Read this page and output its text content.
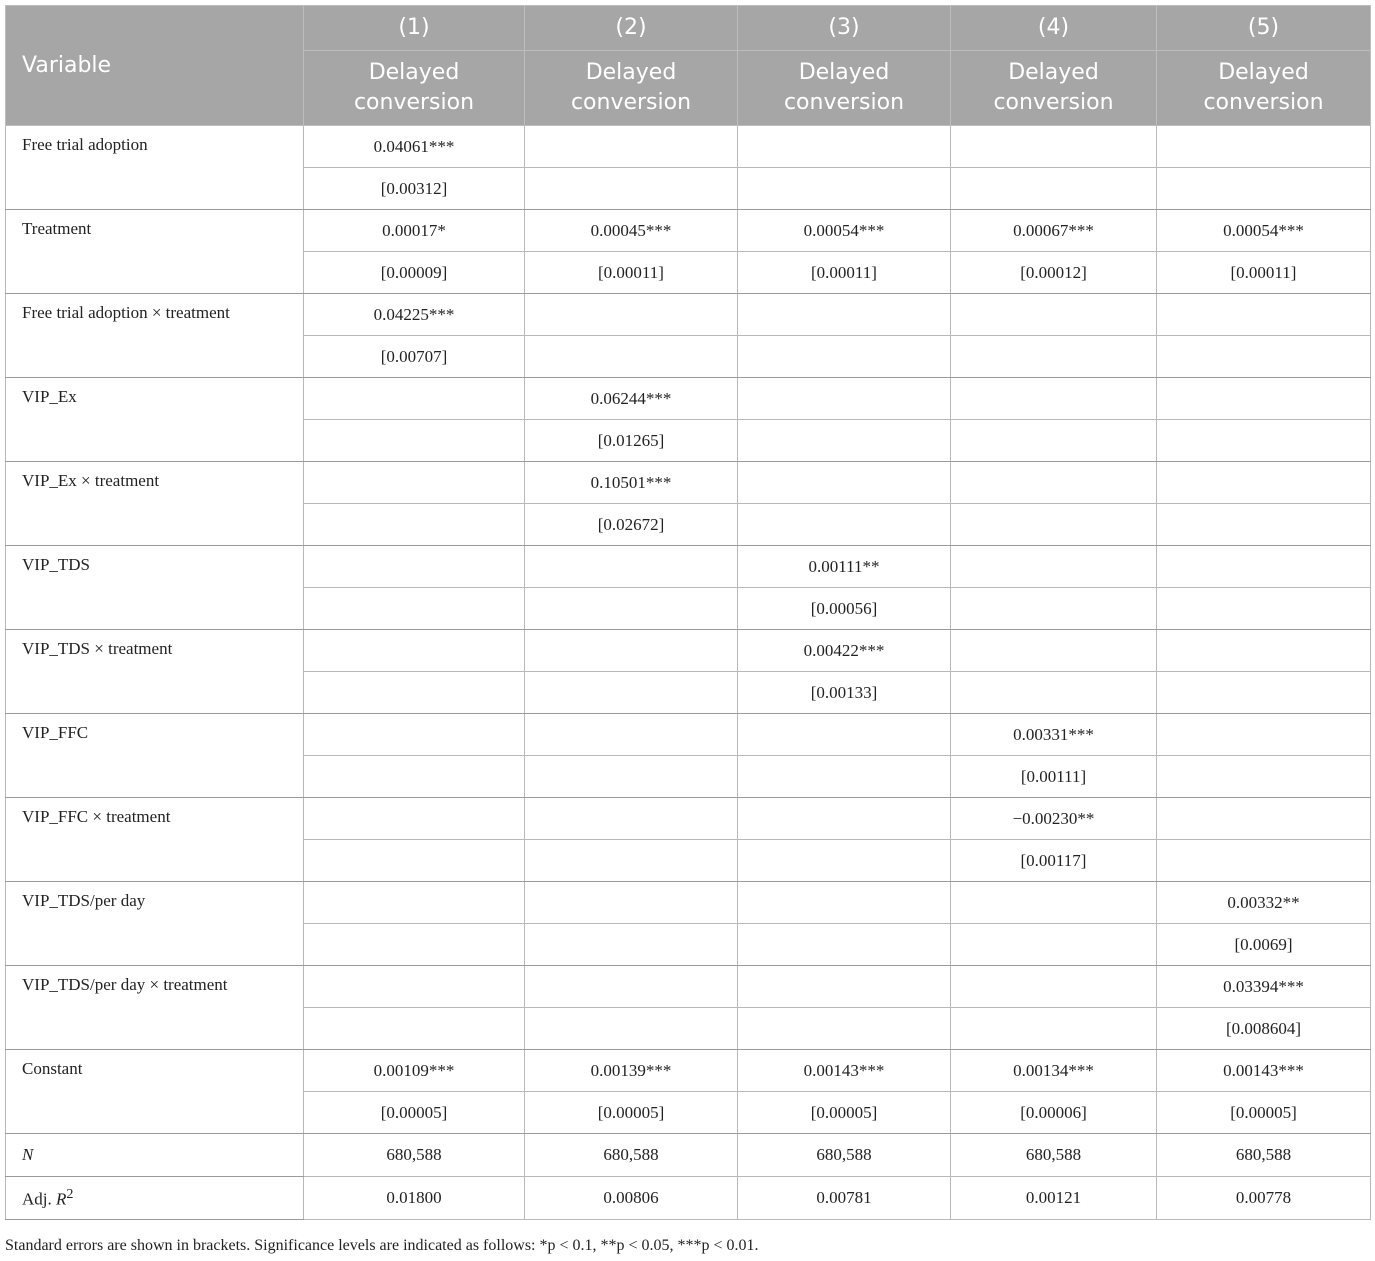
Variable	(1)	(2)	(3)	(4)	(5)
	Delayed conversion	Delayed conversion	Delayed conversion	Delayed conversion	Delayed conversion
Free trial adoption	0.04061***				
	[0.00312]				
Treatment	0.00017*	0.00045***	0.00054***	0.00067***	0.00054***
	[0.00009]	[0.00011]	[0.00011]	[0.00012]	[0.00011]
Free trial adoption × treatment	0.04225***				
	[0.00707]				
VIP_Ex		0.06244***			
		[0.01265]			
VIP_Ex × treatment		0.10501***			
		[0.02672]			
VIP_TDS			0.00111**		
			[0.00056]		
VIP_TDS × treatment			0.00422***		
			[0.00133]		
VIP_FFC				0.00331***	
				[0.00111]	
VIP_FFC × treatment				−0.00230**	
				[0.00117]	
VIP_TDS/per day					0.00332**
					[0.0069]
VIP_TDS/per day × treatment					0.03394***
					[0.008604]
Constant	0.00109***	0.00139***	0.00143***	0.00134***	0.00143***
	[0.00005]	[0.00005]	[0.00005]	[0.00006]	[0.00005]
N	680,588	680,588	680,588	680,588	680,588
Adj. $R^2$	0.01800	0.00806	0.00781	0.00121	0.00778
Standard errors are shown in brackets. Significance levels are indicated as follows: *p < 0.1, **p < 0.05, ***p < 0.01.
